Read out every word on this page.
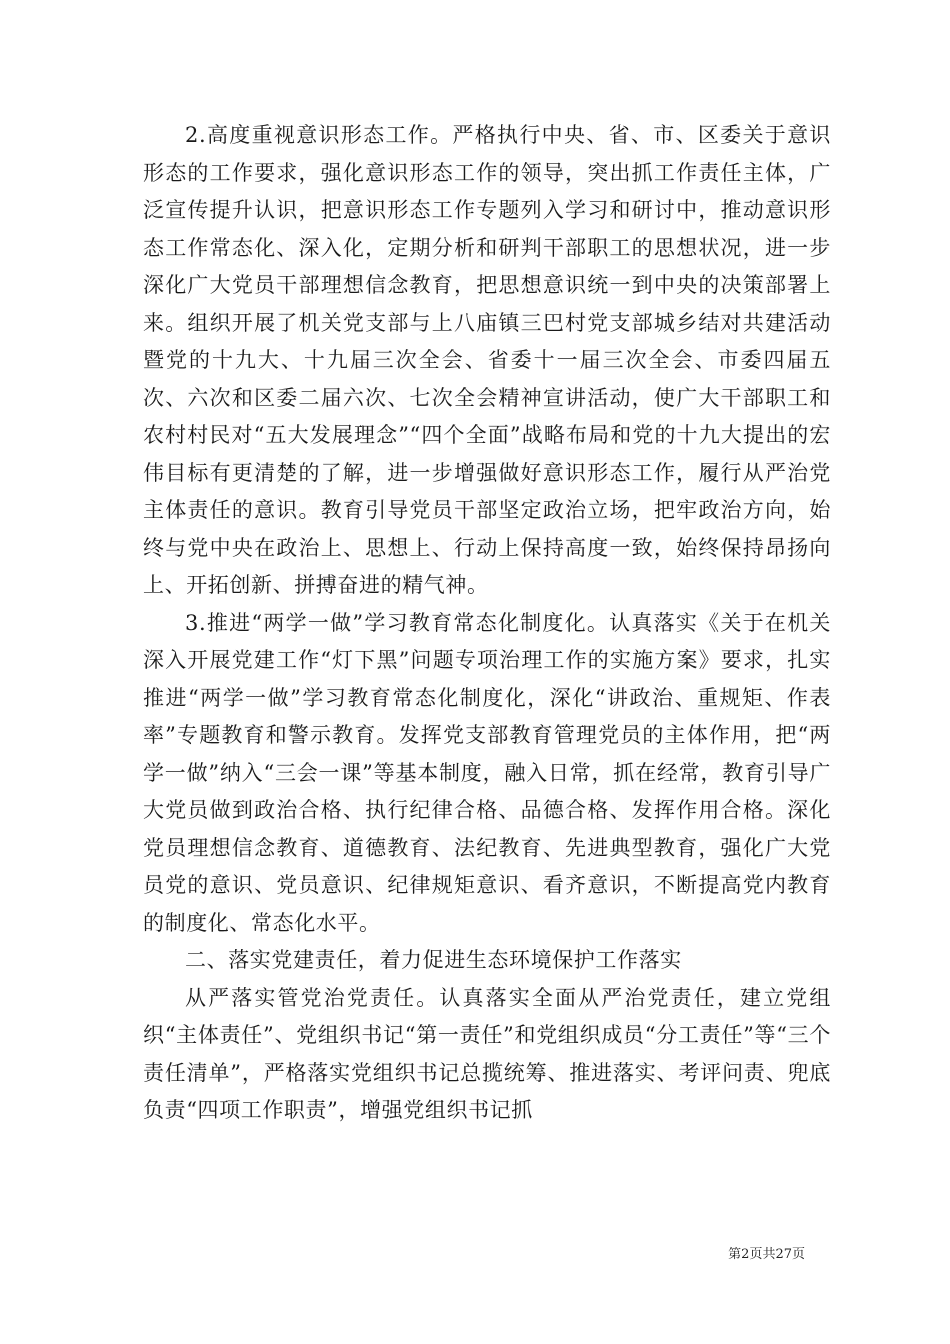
2.高度重视意识形态工作。严格执行中央、省、市、区委关于意识形态的工作要求，强化意识形态工作的领导，突出抓工作责任主体，广泛宣传提升认识，把意识形态工作专题列入学习和研讨中，推动意识形态工作常态化、深入化，定期分析和研判干部职工的思想状况，进一步深化广大党员干部理想信念教育，把思想意识统一到中央的决策部署上来。组织开展了机关党支部与上八庙镇三巴村党支部城乡结对共建活动暨党的十九大、十九届三次全会、省委十一届三次全会、市委四届五次、六次和区委二届六次、七次全会精神宣讲活动，使广大干部职工和农村村民对“五大发展理念”“四个全面”战略布局和党的十九大提出的宏伟目标有更清楚的了解，进一步增强做好意识形态工作，履行从严治党主体责任的意识。教育引导党员干部坚定政治立场，把牢政治方向，始终与党中央在政治上、思想上、行动上保持高度一致，始终保持昂扬向上、开拓创新、拼搏奋进的精气神。

3.推进“两学一做”学习教育常态化制度化。认真落实《关于在机关深入开展党建工作“灯下黑”问题专项治理工作的实施方案》要求，扎实推进“两学一做”学习教育常态化制度化，深化“讲政治、重规矩、作表率”专题教育和警示教育。发挥党支部教育管理党员的主体作用，把“两学一做”纳入“三会一课”等基本制度，融入日常，抓在经常，教育引导广大党员做到政治合格、执行纪律合格、品德合格、发挥作用合格。深化党员理想信念教育、道德教育、法纪教育、先进典型教育，强化广大党员党的意识、党员意识、纪律规矩意识、看齐意识，不断提高党内教育的制度化、常态化水平。

二、落实党建责任，着力促进生态环境保护工作落实

从严落实管党治党责任。认真落实全面从严治党责任，建立党组织“主体责任”、党组织书记“第一责任”和党组织成员“分工责任”等“三个责任清单”，严格落实党组织书记总揽统筹、推进落实、考评问责、兜底负责“四项工作职责”，增强党组织书记抓

第2页共27页
